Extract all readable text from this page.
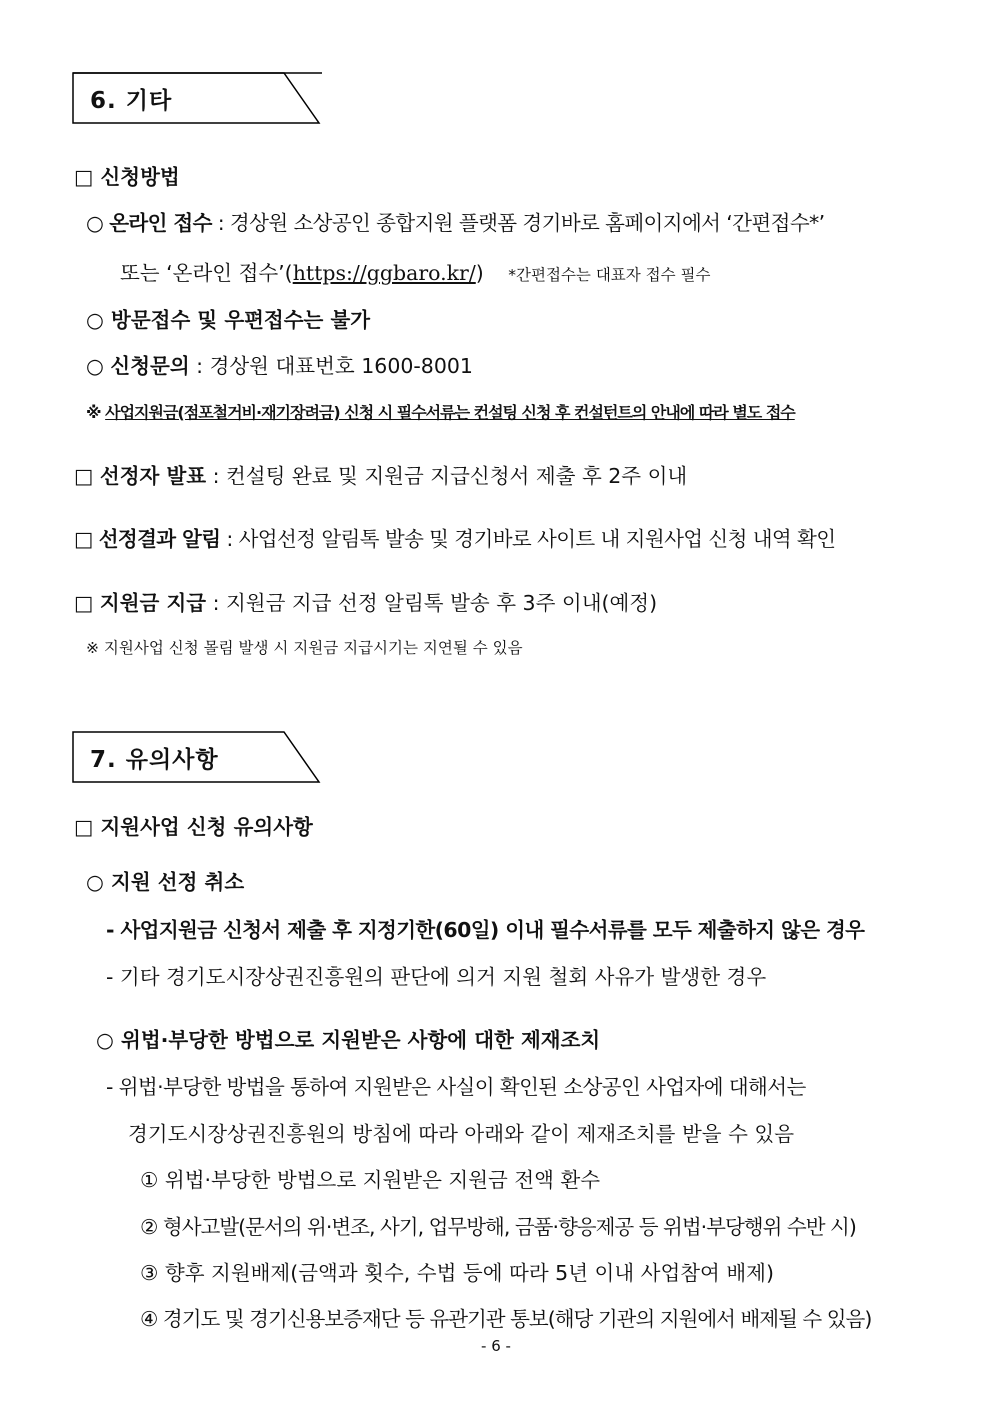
6. 기타
□ 신청방법
○ 온라인 접수 : 경상원 소상공인 종합지원 플랫폼 경기바로 홈페이지에서 ‘간편접수*’
또는 ‘온라인 접수’(https://ggbaro.kr/) *간편접수는 대표자 접수 필수
○ 방문접수 및 우편접수는 불가
○ 신청문의 : 경상원 대표번호 1600-8001
※ 사업지원금(점포철거비·재기장려금) 신청 시 필수서류는 컨설팅 신청 후 컨설턴트의 안내에 따라 별도 접수
□ 선정자 발표 : 컨설팅 완료 및 지원금 지급신청서 제출 후 2주 이내
□ 선정결과 알림 : 사업선정 알림톡 발송 및 경기바로 사이트 내 지원사업 신청 내역 확인
□ 지원금 지급 : 지원금 지급 선정 알림톡 발송 후 3주 이내(예정)
※ 지원사업 신청 몰림 발생 시 지원금 지급시기는 지연될 수 있음
7. 유의사항
□ 지원사업 신청 유의사항
○ 지원 선정 취소
- 사업지원금 신청서 제출 후 지정기한(60일) 이내 필수서류를 모두 제출하지 않은 경우
- 기타 경기도시장상권진흥원의 판단에 의거 지원 철회 사유가 발생한 경우
○ 위법·부당한 방법으로 지원받은 사항에 대한 제재조치
- 위법·부당한 방법을 통하여 지원받은 사실이 확인된 소상공인 사업자에 대해서는
경기도시장상권진흥원의 방침에 따라 아래와 같이 제재조치를 받을 수 있음
① 위법·부당한 방법으로 지원받은 지원금 전액 환수
② 형사고발(문서의 위·변조, 사기, 업무방해, 금품·향응제공 등 위법·부당행위 수반 시)
③ 향후 지원배제(금액과 횟수, 수법 등에 따라 5년 이내 사업참여 배제)
④ 경기도 및 경기신용보증재단 등 유관기관 통보(해당 기관의 지원에서 배제될 수 있음)
- 6 -
